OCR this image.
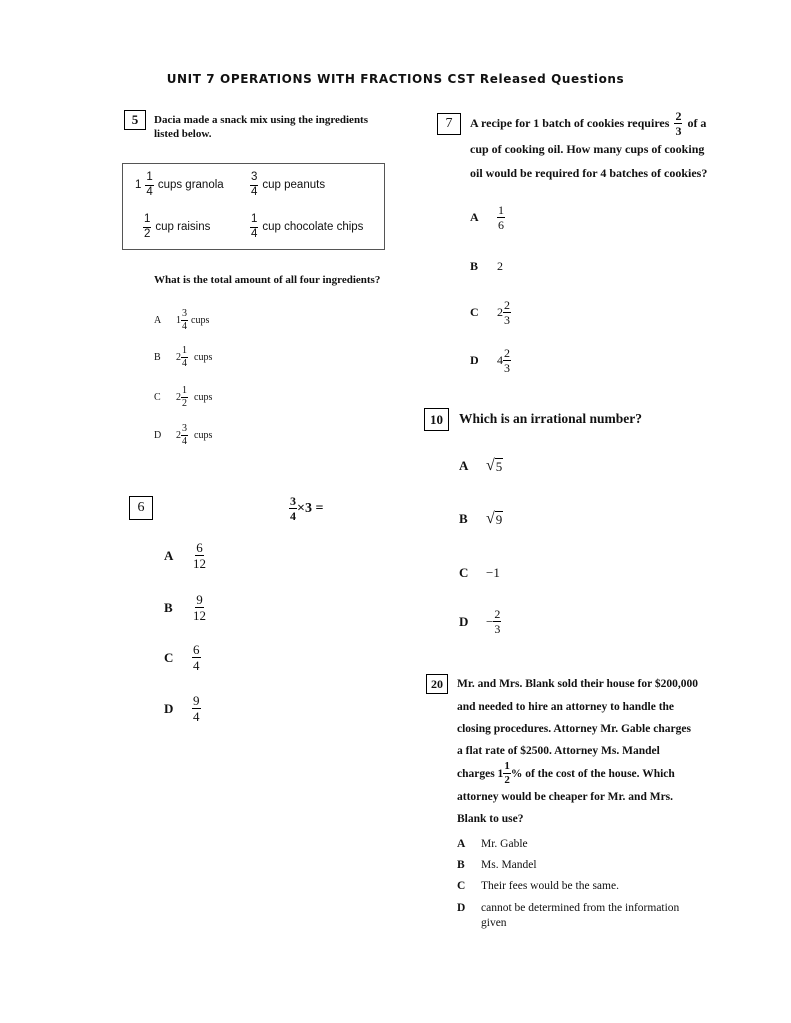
UNIT 7 OPERATIONS WITH FRACTIONS CST Released Questions
5	Dacia made a snack mix using the ingredients
listed below.
$1 \frac{1}{4}$ cups granola $\frac{3}{4}$ cup peanuts
$\frac{1}{2}$ cup raisins	$\frac{1}{4}$ cup chocolate chips
What is the total amount of all four ingredients?
A	$1 \frac{3}{4}$ cups
B	$2 \frac{1}{4}$ cups
C	$2 \frac{1}{2}$ cups
D	$2 \frac{3}{4}$ cups
6	$\frac{3}{4} \times 3$ =
A	$\frac{6}{12}$
B	$\frac{9}{12}$
C	$\frac{6}{4}$
D	$\frac{9}{4}$
7	A recipe for 1 batch of cookies requires $\frac{2}{3}$ of a
cup of cooking oil. How many cups of cooking
oil would be required for 4 batches of cookies?
A	$\frac{1}{6}$
B	2
C	$2 \frac{2}{3}$
D	$4 \frac{2}{3}$
10	Which is an irrational number?
A	√ 5
B	√ 9
C	−1
D	− $\frac{2}{3}$
20	Mr. and Mrs. Blank sold their house for $200,000
and needed to hire an attorney to handle the
closing procedures. Attorney Mr. Gable charges
a flat rate of $2500. Attorney Ms. Mandel
charges $1 \frac{1}{2}$ % of the cost of the house. Which
attorney would be cheaper for Mr. and Mrs.
Blank to use?
A	Mr. Gable
B	Ms. Mandel
C	Their fees would be the same.
D	cannot be determined from the information
given
